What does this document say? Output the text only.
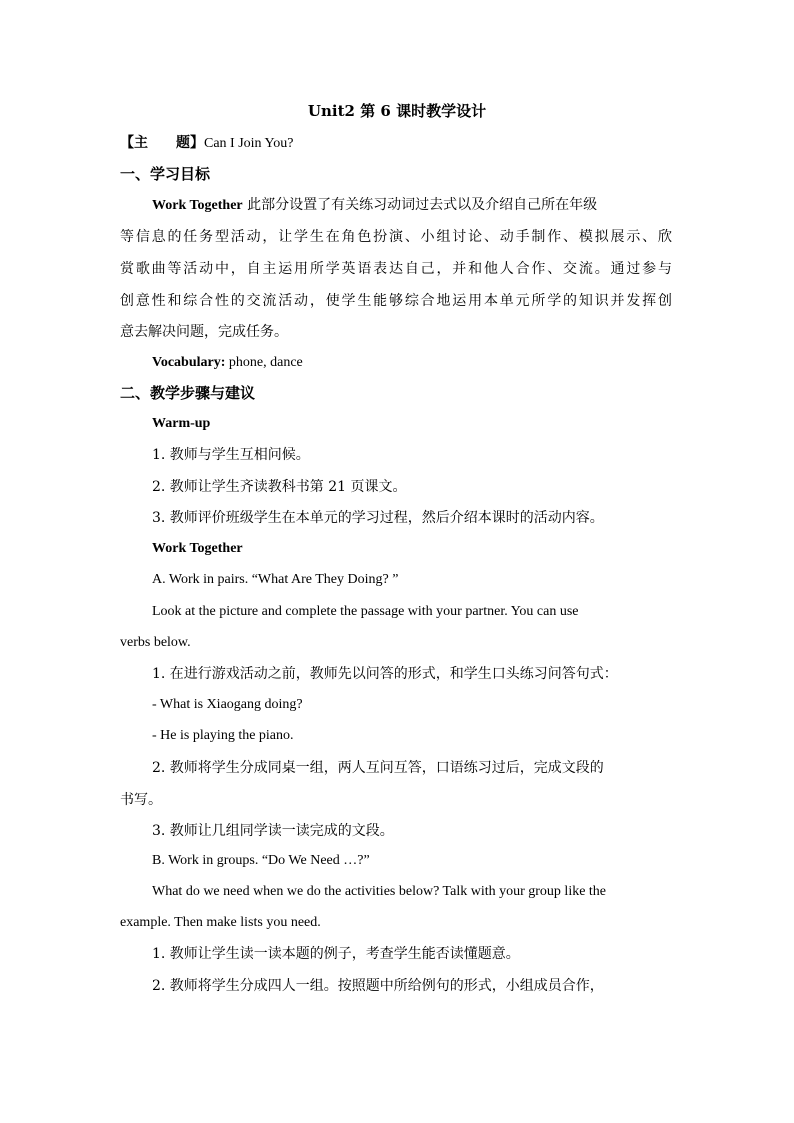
Unit2 第 6 课时教学设计
【主　　题】Can I Join You?
一、学习目标
Work Together 此部分设置了有关练习动词过去式以及介绍自己所在年级
等信息的任务型活动，让学生在角色扮演、小组讨论、动手制作、模拟展示、欣
赏歌曲等活动中，自主运用所学英语表达自己，并和他人合作、交流。通过参与
创意性和综合性的交流活动，使学生能够综合地运用本单元所学的知识并发挥创
意去解决问题，完成任务。
Vocabulary: phone, dance
二、教学步骤与建议
Warm-up
1. 教师与学生互相问候。
2. 教师让学生齐读教科书第 21 页课文。
3. 教师评价班级学生在本单元的学习过程，然后介绍本课时的活动内容。
Work Together
A. Work in pairs. “What Are They Doing? ”
Look at the picture and complete the passage with your partner. You can use
verbs below.
1. 在进行游戏活动之前，教师先以问答的形式，和学生口头练习问答句式：
- What is Xiaogang doing?
- He is playing the piano.
2. 教师将学生分成同桌一组，两人互问互答，口语练习过后，完成文段的
书写。
3. 教师让几组同学读一读完成的文段。
B. Work in groups. “Do We Need …?”
What do we need when we do the activities below? Talk with your group like the
example. Then make lists you need.
1. 教师让学生读一读本题的例子，考查学生能否读懂题意。
2. 教师将学生分成四人一组。按照题中所给例句的形式，小组成员合作，
